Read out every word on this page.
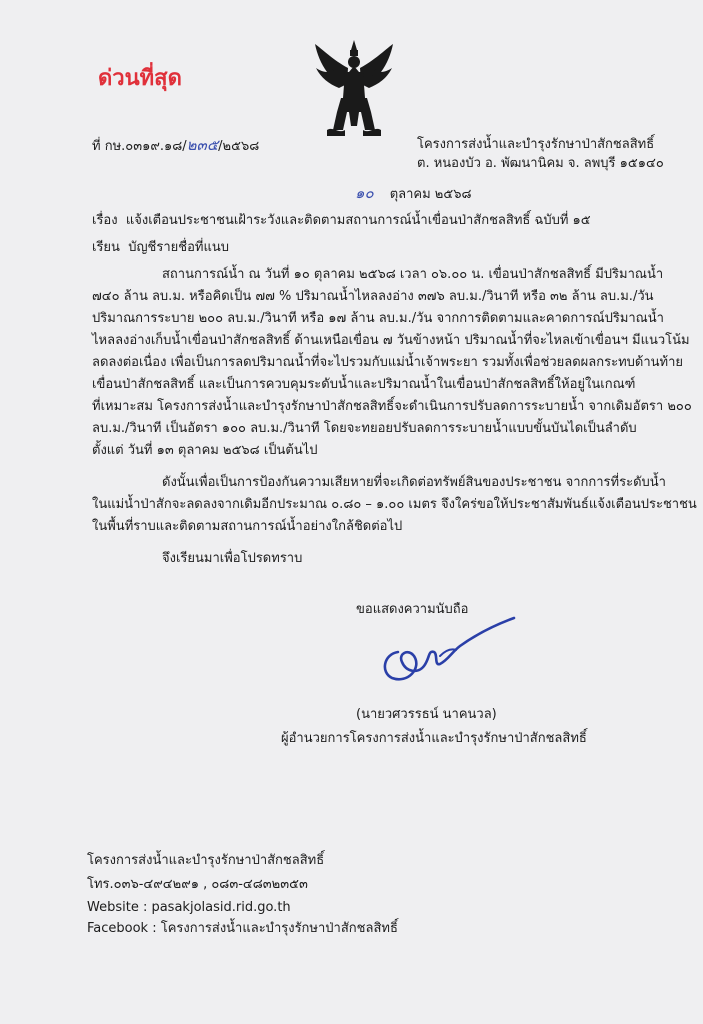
ด่วนที่สุด
ที่ กษ.๐๓๑๙.๑๘/๒๓๕/๒๕๖๘	โครงการส่งน้ำและบำรุงรักษาป่าสักชลสิทธิ์
ต. หนองบัว อ. พัฒนานิคม จ. ลพบุรี ๑๕๑๔๐
๑๐ ตุลาคม ๒๕๖๘
เรื่อง แจ้งเตือนประชาชนเฝ้าระวังและติดตามสถานการณ์น้ำเขื่อนป่าสักชลสิทธิ์ ฉบับที่ ๑๕
เรียน บัญชีรายชื่อที่แนบ
สถานการณ์น้ำ ณ วันที่ ๑๐ ตุลาคม ๒๕๖๘ เวลา ๐๖.๐๐ น. เขื่อนป่าสักชลสิทธิ์ มีปริมาณน้ำ
๗๔๐ ล้าน ลบ.ม. หรือคิดเป็น ๗๗ % ปริมาณน้ำไหลลงอ่าง ๓๗๖ ลบ.ม./วินาที หรือ ๓๒ ล้าน ลบ.ม./วัน
ปริมาณการระบาย ๒๐๐ ลบ.ม./วินาที หรือ ๑๗ ล้าน ลบ.ม./วัน จากการติดตามและคาดการณ์ปริมาณน้ำ
ไหลลงอ่างเก็บน้ำเขื่อนป่าสักชลสิทธิ์ ด้านเหนือเขื่อน ๗ วันข้างหน้า ปริมาณน้ำที่จะไหลเข้าเขื่อนฯ มีแนวโน้ม
ลดลงต่อเนื่อง เพื่อเป็นการลดปริมาณน้ำที่จะไปรวมกับแม่น้ำเจ้าพระยา รวมทั้งเพื่อช่วยลดผลกระทบด้านท้าย
เขื่อนป่าสักชลสิทธิ์ และเป็นการควบคุมระดับน้ำและปริมาณน้ำในเขื่อนป่าสักชลสิทธิ์ให้อยู่ในเกณฑ์
ที่เหมาะสม โครงการส่งน้ำและบำรุงรักษาป่าสักชลสิทธิ์จะดำเนินการปรับลดการระบายน้ำ จากเดิมอัตรา ๒๐๐
ลบ.ม./วินาที เป็นอัตรา ๑๐๐ ลบ.ม./วินาที โดยจะทยอยปรับลดการระบายน้ำแบบขั้นบันไดเป็นลำดับ
ตั้งแต่ วันที่ ๑๓ ตุลาคม ๒๕๖๘ เป็นต้นไป
ดังนั้นเพื่อเป็นการป้องกันความเสียหายที่จะเกิดต่อทรัพย์สินของประชาชน จากการที่ระดับน้ำ
ในแม่น้ำป่าสักจะลดลงจากเดิมอีกประมาณ ๐.๘๐ – ๑.๐๐ เมตร จึงใคร่ขอให้ประชาสัมพันธ์แจ้งเตือนประชาชน
ในพื้นที่ราบและติดตามสถานการณ์น้ำอย่างใกล้ชิดต่อไป
จึงเรียนมาเพื่อโปรดทราบ
ขอแสดงความนับถือ
(นายวศวรรธน์ นาคนวล)
ผู้อำนวยการโครงการส่งน้ำและบำรุงรักษาป่าสักชลสิทธิ์
โครงการส่งน้ำและบำรุงรักษาป่าสักชลสิทธิ์
โทร.๐๓๖-๔๙๔๒๙๑ , ๐๘๓-๔๘๓๒๓๕๓
Website : pasakjolasid.rid.go.th
Facebook : โครงการส่งน้ำและบำรุงรักษาป่าสักชลสิทธิ์
